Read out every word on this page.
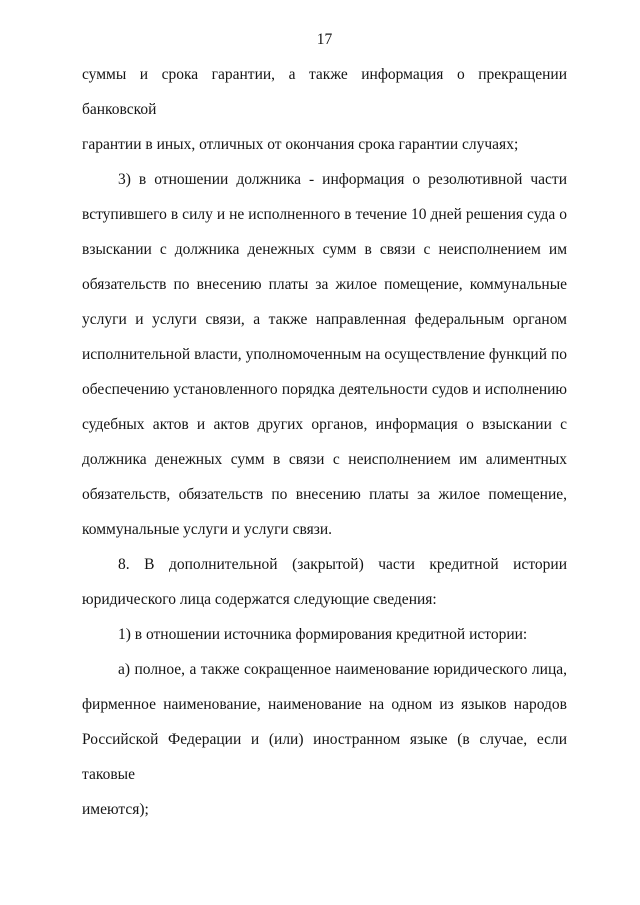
17

суммы и срока гарантии, а также информация о прекращении банковской
гарантии в иных, отличных от окончания срока гарантии случаях;

3) в отношении должника - информация о резолютивной части
вступившего в силу и не исполненного в течение 10 дней решения суда о
взыскании с должника денежных сумм в связи с неисполнением им
обязательств по внесению платы за жилое помещение, коммунальные
услуги и услуги связи, а также направленная федеральным органом
исполнительной власти, уполномоченным на осуществление функций по
обеспечению установленного порядка деятельности судов и исполнению
судебных актов и актов других органов, информация о взыскании с
должника денежных сумм в связи с неисполнением им алиментных
обязательств, обязательств по внесению платы за жилое помещение,
коммунальные услуги и услуги связи.

8. В дополнительной (закрытой) части кредитной истории
юридического лица содержатся следующие сведения:

1) в отношении источника формирования кредитной истории:

а) полное, а также сокращенное наименование юридического лица,
фирменное наименование, наименование на одном из языков народов
Российской Федерации и (или) иностранном языке (в случае, если таковые
имеются);
